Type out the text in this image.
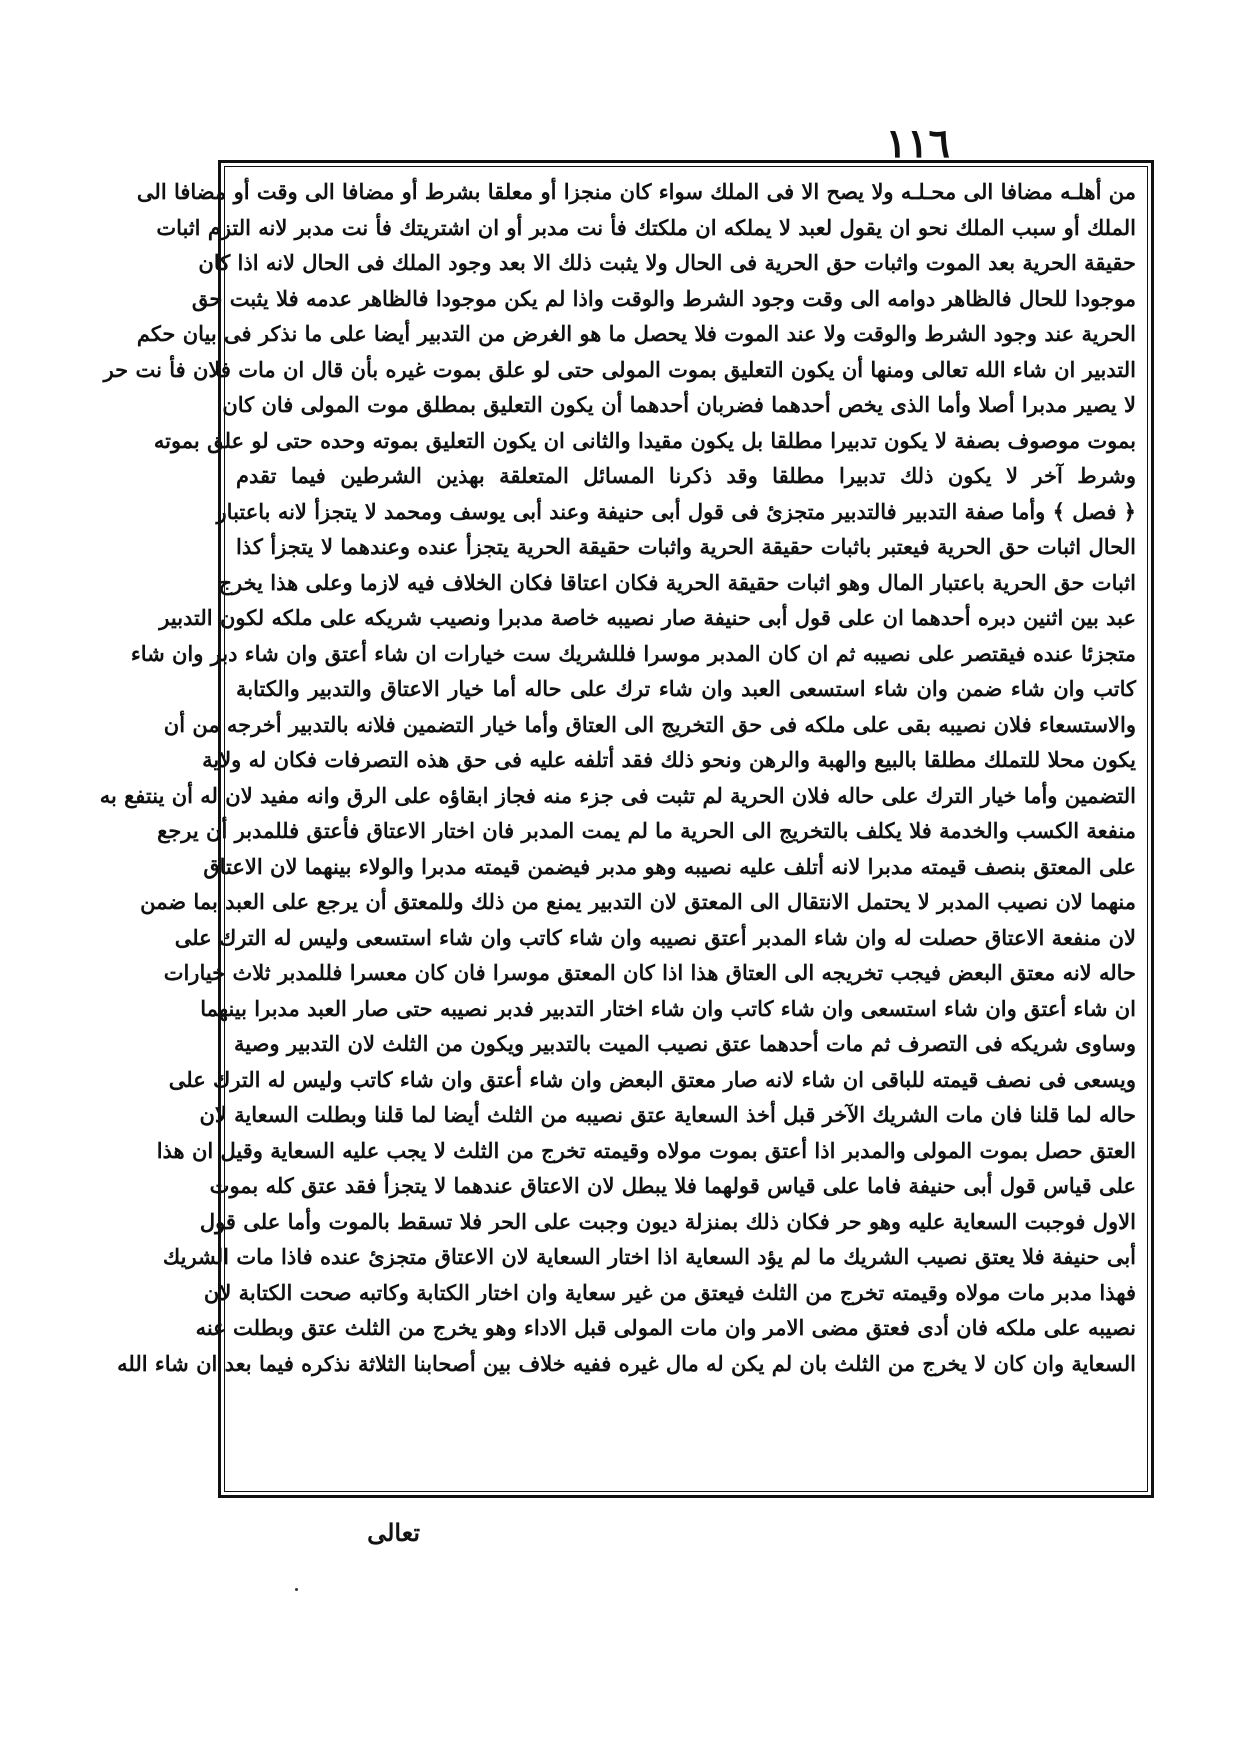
١١٦
من أهلـه مضافا الى محـلـه ولا يصح الا فى الملك سواء كان منجزا أو معلقا بشرط أو مضافا الى وقت أو مضافا الى
الملك أو سبب الملك نحو ان يقول لعبد لا يملكه ان ملكتك فأ نت مدبر أو ان اشتريتك فأ نت مدبر لانه التزم اثبات
حقيقة الحرية بعد الموت واثبات حق الحرية فى الحال ولا يثبت ذلك الا بعد وجود الملك فى الحال لانه اذا كان
موجودا للحال فالظاهر دوامه الى وقت وجود الشرط والوقت واذا لم يكن موجودا فالظاهر عدمه فلا يثبت حق
الحرية عند وجود الشرط والوقت ولا عند الموت فلا يحصل ما هو الغرض من التدبير أيضا على ما نذكر فى بيان حكم
التدبير ان شاء الله تعالى ومنها أن يكون التعليق بموت المولى حتى لو علق بموت غيره بأن قال ان مات فلان فأ نت حر
لا يصير مدبرا أصلا وأما الذى يخص أحدهما فضربان أحدهما أن يكون التعليق بمطلق موت المولى فان كان
بموت موصوف بصفة لا يكون تدبيرا مطلقا بل يكون مقيدا والثانى ان يكون التعليق بموته وحده حتى لو علق بموته
وشرط آخر لا يكون ذلك تدبيرا مطلقا وقد ذكرنا المسائل المتعلقة بهذين الشرطين فيما تقدم
﴿ فصل ﴾ وأما صفة التدبير فالتدبير متجزئ فى قول أبى حنيفة وعند أبى يوسف ومحمد لا يتجزأ لانه باعتبار
الحال اثبات حق الحرية فيعتبر باثبات حقيقة الحرية واثبات حقيقة الحرية يتجزأ عنده وعندهما لا يتجزأ كذا
اثبات حق الحرية باعتبار المال وهو اثبات حقيقة الحرية فكان اعتاقا فكان الخلاف فيه لازما وعلى هذا يخرج
عبد بين اثنين دبره أحدهما ان على قول أبى حنيفة صار نصيبه خاصة مدبرا ونصيب شريكه على ملكه لكون التدبير
متجزئا عنده فيقتصر على نصيبه ثم ان كان المدبر موسرا فللشريك ست خيارات ان شاء أعتق وان شاء دبر وان شاء
كاتب وان شاء ضمن وان شاء استسعى العبد وان شاء ترك على حاله أما خيار الاعتاق والتدبير والكتابة
والاستسعاء فلان نصيبه بقى على ملكه فى حق التخريج الى العتاق وأما خيار التضمين فلانه بالتدبير أخرجه من أن
يكون محلا للتملك مطلقا بالبيع والهبة والرهن ونحو ذلك فقد أتلفه عليه فى حق هذه التصرفات فكان له ولاية
التضمين وأما خيار الترك على حاله فلان الحرية لم تثبت فى جزء منه فجاز ابقاؤه على الرق وانه مفيد لان له أن ينتفع به
منفعة الكسب والخدمة فلا يكلف بالتخريج الى الحرية ما لم يمت المدبر فان اختار الاعتاق فأعتق فللمدبر أن يرجع
على المعتق بنصف قيمته مدبرا لانه أتلف عليه نصيبه وهو مدبر فيضمن قيمته مدبرا والولاء بينهما لان الاعتاق
منهما لان نصيب المدبر لا يحتمل الانتقال الى المعتق لان التدبير يمنع من ذلك وللمعتق أن يرجع على العبد بما ضمن
لان منفعة الاعتاق حصلت له وان شاء المدبر أعتق نصيبه وان شاء كاتب وان شاء استسعى وليس له الترك على
حاله لانه معتق البعض فيجب تخريجه الى العتاق هذا اذا كان المعتق موسرا فان كان معسرا فللمدبر ثلاث خيارات
ان شاء أعتق وان شاء استسعى وان شاء كاتب وان شاء اختار التدبير فدبر نصيبه حتى صار العبد مدبرا بينهما
وساوى شريكه فى التصرف ثم مات أحدهما عتق نصيب الميت بالتدبير ويكون من الثلث لان التدبير وصية
ويسعى فى نصف قيمته للباقى ان شاء لانه صار معتق البعض وان شاء أعتق وان شاء كاتب وليس له الترك على
حاله لما قلنا فان مات الشريك الآخر قبل أخذ السعاية عتق نصيبه من الثلث أيضا لما قلنا وبطلت السعاية لان
العتق حصل بموت المولى والمدبر اذا أعتق بموت مولاه وقيمته تخرج من الثلث لا يجب عليه السعاية وقيل ان هذا
على قياس قول أبى حنيفة فاما على قياس قولهما فلا يبطل لان الاعتاق عندهما لا يتجزأ فقد عتق كله بموت
الاول فوجبت السعاية عليه وهو حر فكان ذلك بمنزلة ديون وجبت على الحر فلا تسقط بالموت وأما على قول
أبى حنيفة فلا يعتق نصيب الشريك ما لم يؤد السعاية اذا اختار السعاية لان الاعتاق متجزئ عنده فاذا مات الشريك
فهذا مدبر مات مولاه وقيمته تخرج من الثلث فيعتق من غير سعاية وان اختار الكتابة وكاتبه صحت الكتابة لان
نصيبه على ملكه فان أدى فعتق مضى الامر وان مات المولى قبل الاداء وهو يخرج من الثلث عتق وبطلت عنه
السعاية وان كان لا يخرج من الثلث بان لم يكن له مال غيره ففيه خلاف بين أصحابنا الثلاثة نذكره فيما بعد ان شاء الله
تعالى
